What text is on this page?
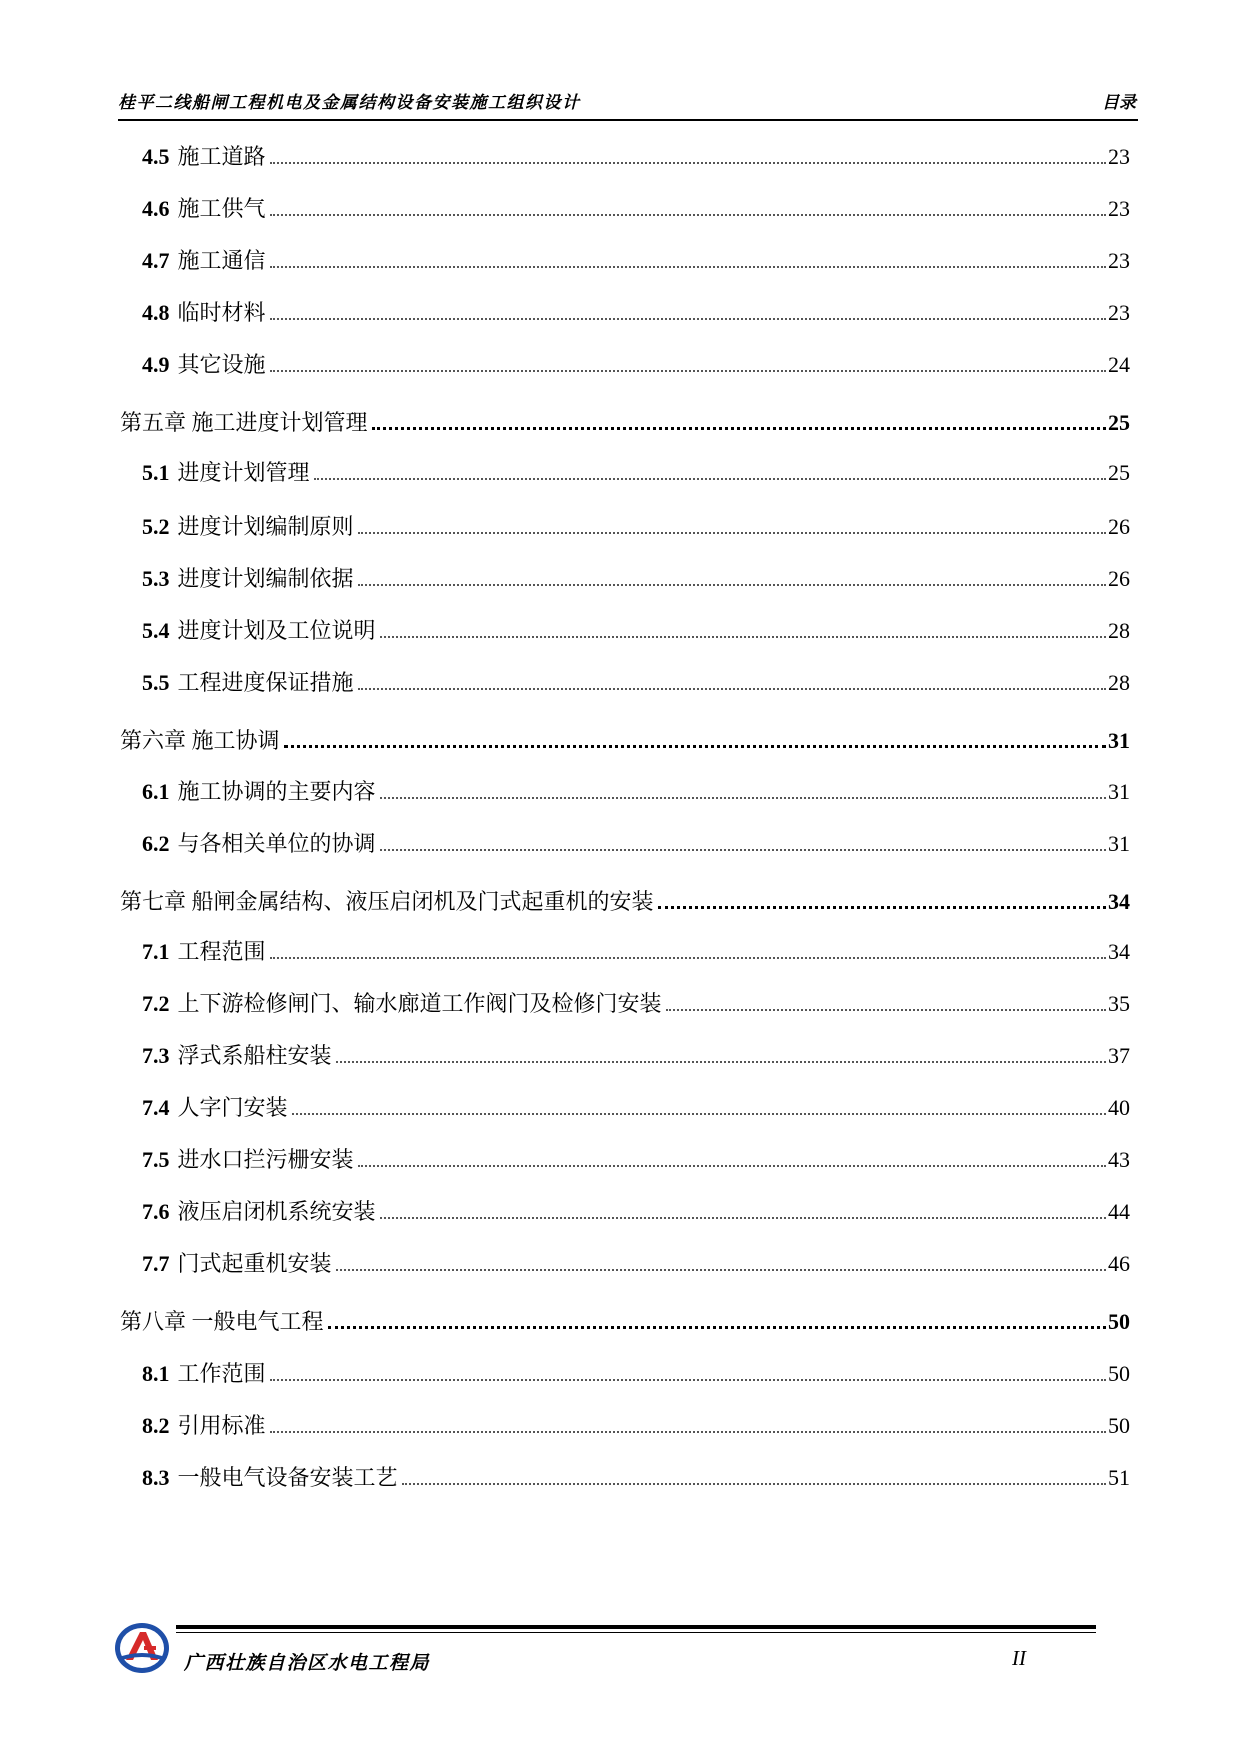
桂平二线船闸工程机电及金属结构设备安装施工组织设计	目录
4.5 施工道路	23
4.6 施工供气	23
4.7 施工通信	23
4.8 临时材料	23
4.9 其它设施	24
第五章 施工进度计划管理	25
5.1 进度计划管理	25
5.2 进度计划编制原则	26
5.3 进度计划编制依据	26
5.4 进度计划及工位说明	28
5.5 工程进度保证措施	28
第六章 施工协调	31
6.1 施工协调的主要内容	31
6.2 与各相关单位的协调	31
第七章 船闸金属结构、液压启闭机及门式起重机的安装	34
7.1 工程范围	34
7.2 上下游检修闸门、输水廊道工作阀门及检修门安装	35
7.3 浮式系船柱安装	37
7.4 人字门安装	40
7.5 进水口拦污栅安装	43
7.6 液压启闭机系统安装	44
7.7 门式起重机安装	46
第八章 一般电气工程	50
8.1 工作范围	50
8.2 引用标准	50
8.3 一般电气设备安装工艺	51
广西壮族自治区水电工程局	II
